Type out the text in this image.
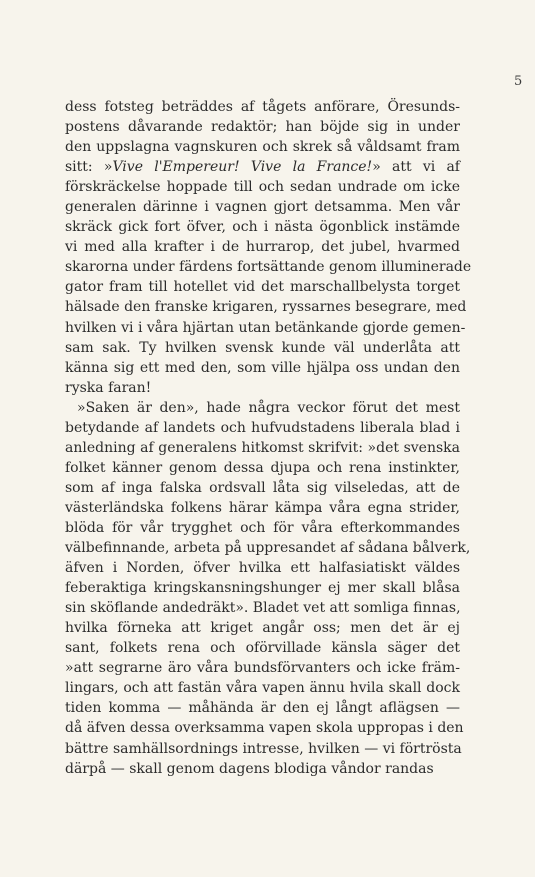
5
dess fotsteg beträddes af tågets anförare, Öresunds-
postens dåvarande redaktör; han böjde sig in under
den uppslagna vagnskuren och skrek så våldsamt fram
sitt: »Vive l'Empereur! Vive la France!» att vi af
förskräckelse hoppade till och sedan undrade om icke
generalen därinne i vagnen gjort detsamma. Men vår
skräck gick fort öfver, och i nästa ögonblick instämde
vi med alla krafter i de hurrarop, det jubel, hvarmed
skarorna under färdens fortsättande genom illuminerade
gator fram till hotellet vid det marschallbelysta torget
hälsade den franske krigaren, ryssarnes besegrare, med
hvilken vi i våra hjärtan utan betänkande gjorde gemen-
sam sak. Ty hvilken svensk kunde väl underlåta att
känna sig ett med den, som ville hjälpa oss undan den
ryska faran!
»Saken är den», hade några veckor förut det mest
betydande af landets och hufvudstadens liberala blad i
anledning af generalens hitkomst skrifvit: »det svenska
folket känner genom dessa djupa och rena instinkter,
som af inga falska ordsvall låta sig vilseledas, att de
västerländska folkens härar kämpa våra egna strider,
blöda för vår trygghet och för våra efterkommandes
välbefinnande, arbeta på uppresandet af sådana bålverk,
äfven i Norden, öfver hvilka ett halfasiatiskt väldes
feberaktiga kringskansningshunger ej mer skall blåsa
sin sköflande andedräkt». Bladet vet att somliga finnas,
hvilka förneka att kriget angår oss; men det är ej
sant, folkets rena och oförvillade känsla säger det
»att segrarne äro våra bundsförvanters och icke främ-
lingars, och att fastän våra vapen ännu hvila skall dock
tiden komma — måhända är den ej långt aflägsen —
då äfven dessa overksamma vapen skola uppropas i den
bättre samhällsordnings intresse, hvilken — vi förtrösta
därpå — skall genom dagens blodiga våndor randas
